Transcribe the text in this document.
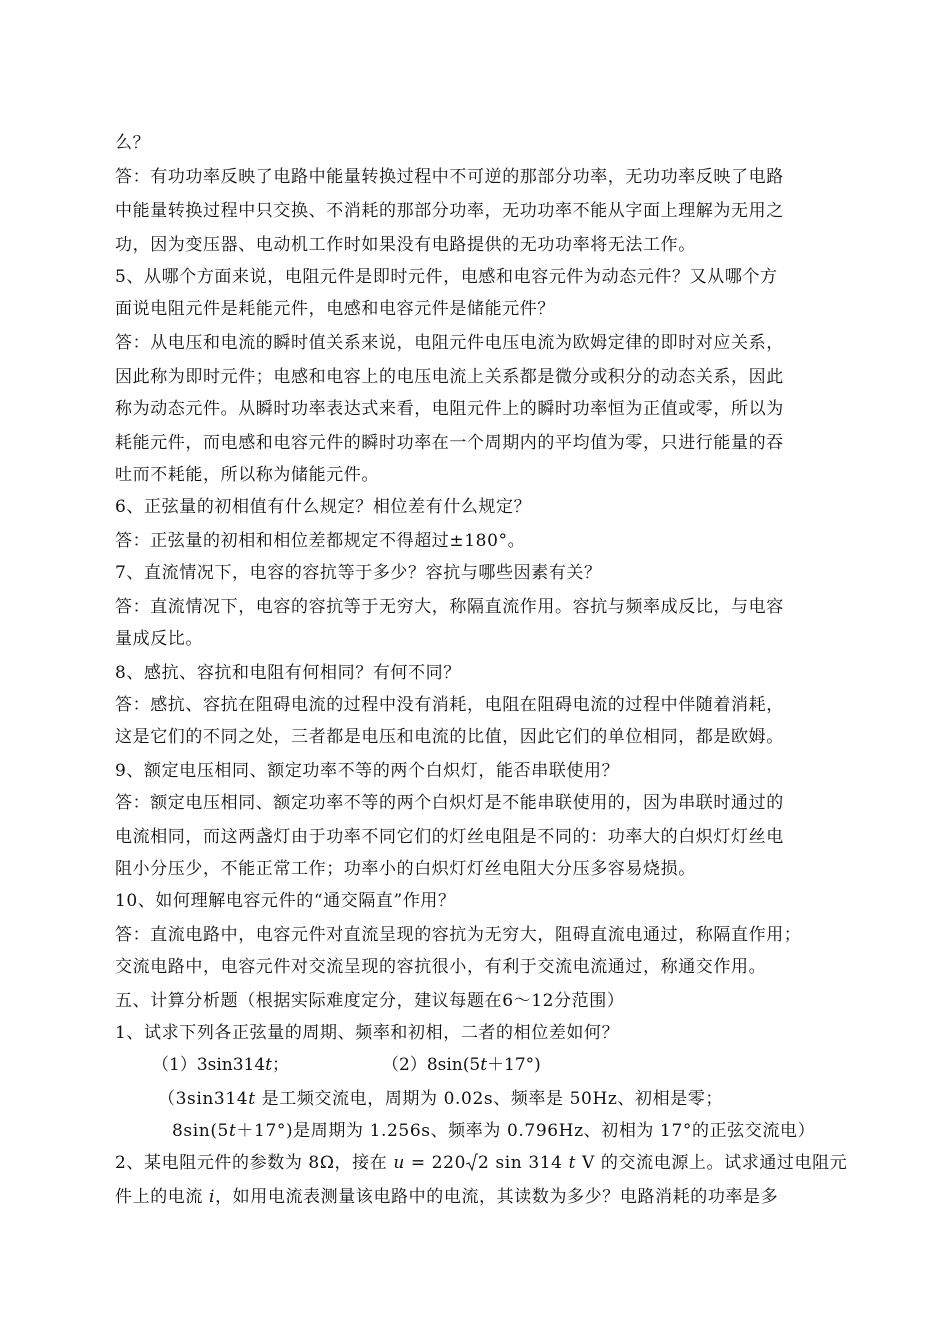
么？
答：有功功率反映了电路中能量转换过程中不可逆的那部分功率，无功功率反映了电路
中能量转换过程中只交换、不消耗的那部分功率，无功功率不能从字面上理解为无用之
功，因为变压器、电动机工作时如果没有电路提供的无功功率将无法工作。
5、从哪个方面来说，电阻元件是即时元件，电感和电容元件为动态元件？又从哪个方
面说电阻元件是耗能元件，电感和电容元件是储能元件？
答：从电压和电流的瞬时值关系来说，电阻元件电压电流为欧姆定律的即时对应关系，
因此称为即时元件；电感和电容上的电压电流上关系都是微分或积分的动态关系，因此
称为动态元件。从瞬时功率表达式来看，电阻元件上的瞬时功率恒为正值或零，所以为
耗能元件，而电感和电容元件的瞬时功率在一个周期内的平均值为零，只进行能量的吞
吐而不耗能，所以称为储能元件。
6、正弦量的初相值有什么规定？相位差有什么规定？
答：正弦量的初相和相位差都规定不得超过±180°。
7、直流情况下，电容的容抗等于多少？容抗与哪些因素有关？
答：直流情况下，电容的容抗等于无穷大，称隔直流作用。容抗与频率成反比，与电容
量成反比。
8、感抗、容抗和电阻有何相同？有何不同？
答：感抗、容抗在阻碍电流的过程中没有消耗，电阻在阻碍电流的过程中伴随着消耗，
这是它们的不同之处，三者都是电压和电流的比值，因此它们的单位相同，都是欧姆。
9、额定电压相同、额定功率不等的两个白炽灯，能否串联使用？
答：额定电压相同、额定功率不等的两个白炽灯是不能串联使用的，因为串联时通过的
电流相同，而这两盏灯由于功率不同它们的灯丝电阻是不同的：功率大的白炽灯灯丝电
阻小分压少，不能正常工作；功率小的白炽灯灯丝电阻大分压多容易烧损。
10、如何理解电容元件的“通交隔直”作用？
答：直流电路中，电容元件对直流呈现的容抗为无穷大，阻碍直流电通过，称隔直作用；
交流电路中，电容元件对交流呈现的容抗很小，有利于交流电流通过，称通交作用。
五、计算分析题（根据实际难度定分，建议每题在6～12分范围）
1、试求下列各正弦量的周期、频率和初相，二者的相位差如何？
（1）3sin314t；	（2）8sin(5t＋17°)
（3sin314t 是工频交流电，周期为 0.02s、频率是 50Hz、初相是零；
8sin(5t＋17°)是周期为 1.256s、频率为 0.796Hz、初相为 17°的正弦交流电）
2、某电阻元件的参数为 8Ω，接在 u = 220 2 sin 314 t V 的交流电源上。试求通过电阻元
件上的电流 i，如用电流表测量该电路中的电流，其读数为多少？电路消耗的功率是多
